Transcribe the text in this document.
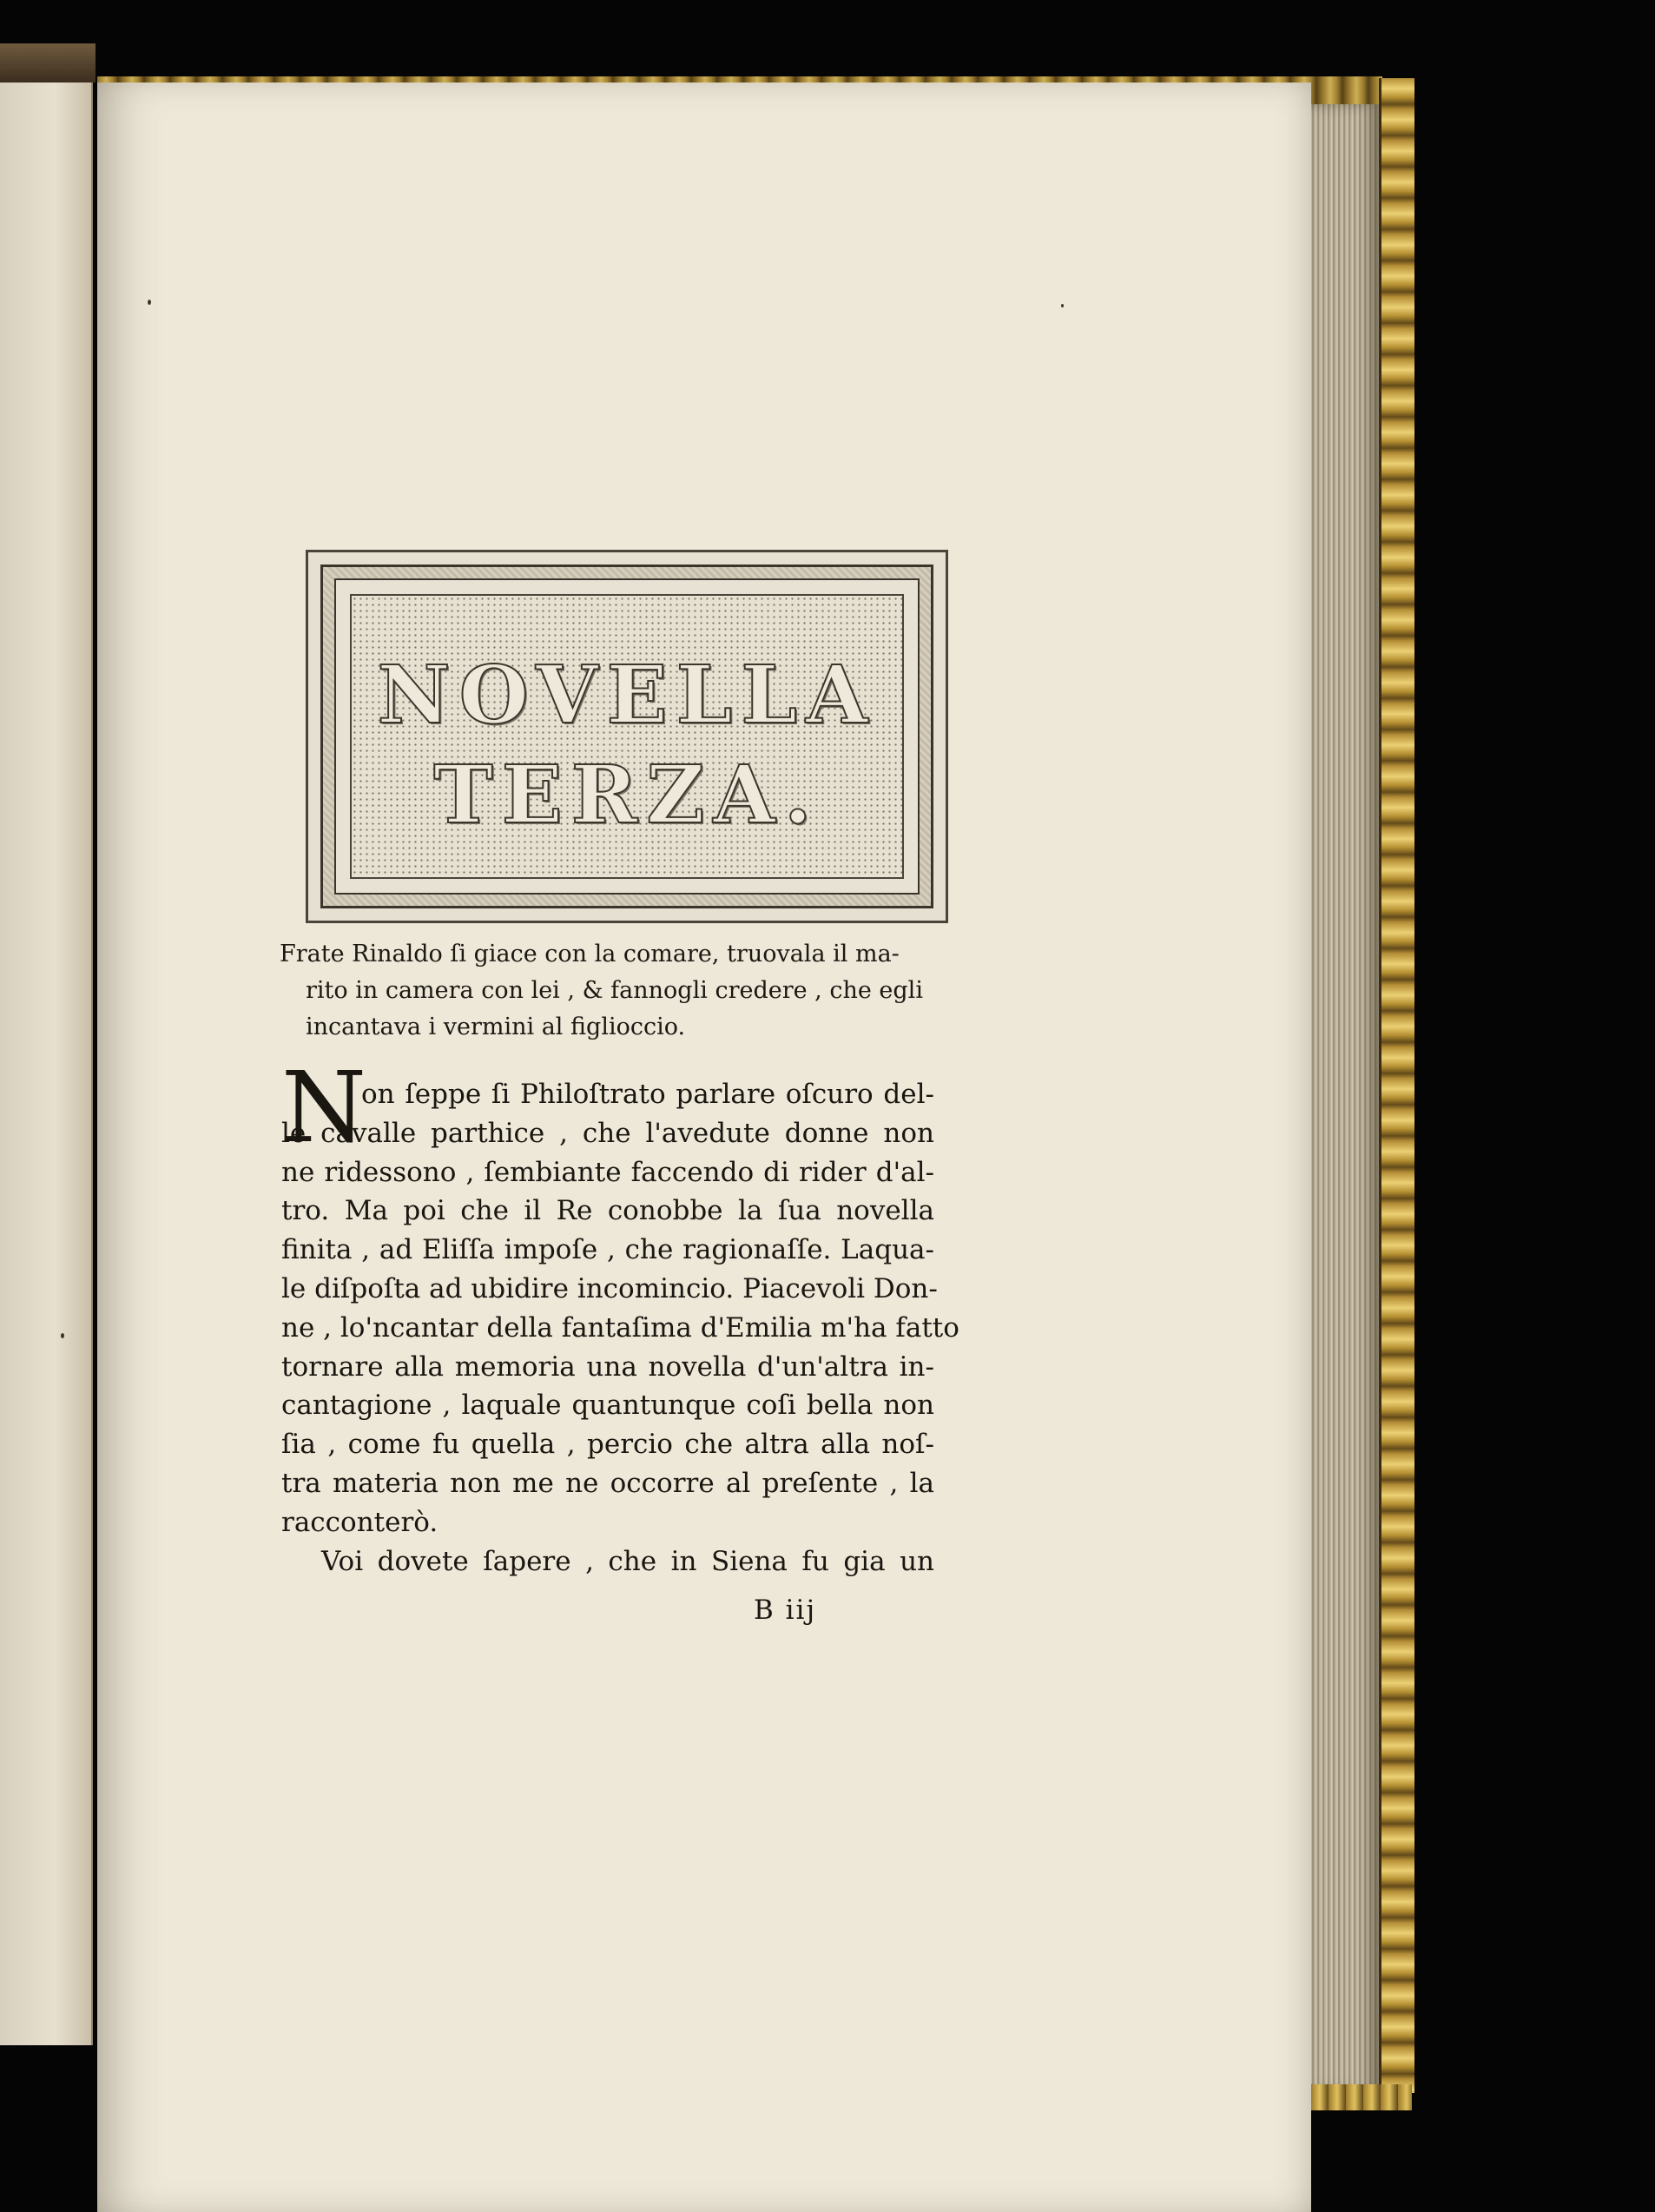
NOVELLA
TERZA.
Frate Rinaldo ſi giace con la comare, truovala il ma-
rito in camera con lei , & fannogli credere , che egli
incantava i vermini al figlioccio.
N
on ſeppe ſi Philoſtrato parlare oſcuro del-
le cavalle parthice , che l'avedute donne non
ne ridessono , ſembiante faccendo di rider d'al-
tro. Ma poi che il Re conobbe la ſua novella
finita , ad Eliſſa impoſe , che ragionaſſe. Laqua-
le diſpoſta ad ubidire incomincio. Piacevoli Don-
ne , lo'ncantar della fantaſima d'Emilia m'ha fatto
tornare alla memoria una novella d'un'altra in-
cantagione , laquale quantunque coſi bella non
ſia , come fu quella , percio che altra alla noſ-
tra materia non me ne occorre al preſente , la
racconterò.
Voi dovete ſapere , che in Siena fu gia un
B iij
